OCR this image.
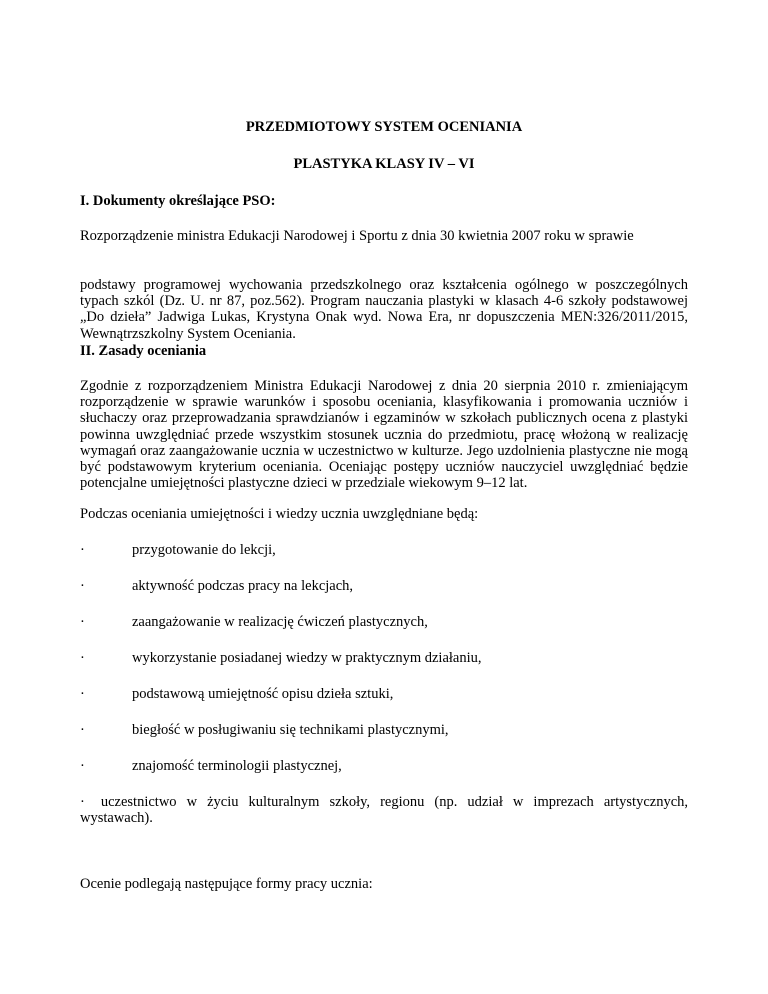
PRZEDMIOTOWY SYSTEM OCENIANIA
PLASTYKA KLASY IV – VI
I. Dokumenty określające PSO:

Rozporządzenie ministra Edukacji Narodowej i Sportu z dnia 30 kwietnia 2007 roku w sprawie

podstawy programowej wychowania przedszkolnego oraz kształcenia ogólnego w poszczególnych typach szkól (Dz. U. nr 87, poz.562). Program nauczania plastyki w klasach 4-6 szkoły podstawowej „Do dzieła” Jadwiga Lukas, Krystyna Onak wyd. Nowa Era, nr dopuszczenia MEN:326/2011/2015, Wewnątrzszkolny System Oceniania.

II. Zasady oceniania

Zgodnie z rozporządzeniem Ministra Edukacji Narodowej z dnia 20 sierpnia 2010 r. zmieniającym rozporządzenie w sprawie warunków i sposobu oceniania, klasyfikowania i promowania uczniów i słuchaczy oraz przeprowadzania sprawdzianów i egzaminów w szkołach publicznych ocena z plastyki powinna uwzględniać przede wszystkim stosunek ucznia do przedmiotu, pracę włożoną w realizację wymagań oraz zaangażowanie ucznia w uczestnictwo w kulturze. Jego uzdolnienia plastyczne nie mogą być podstawowym kryterium oceniania. Oceniając postępy uczniów nauczyciel uwzględniać będzie potencjalne umiejętności plastyczne dzieci w przedziale wiekowym 9–12 lat.

Podczas oceniania umiejętności i wiedzy ucznia uwzględniane będą:

·	przygotowanie do lekcji,
·	aktywność podczas pracy na lekcjach,
·	zaangażowanie w realizację ćwiczeń plastycznych,
·	wykorzystanie posiadanej wiedzy w praktycznym działaniu,
·	podstawową umiejętność opisu dzieła sztuki,
·	biegłość w posługiwaniu się technikami plastycznymi,
·	znajomość terminologii plastycznej,
· uczestnictwo w życiu kulturalnym szkoły, regionu (np. udział w imprezach artystycznych, wystawach).

Ocenie podlegają następujące formy pracy ucznia:
